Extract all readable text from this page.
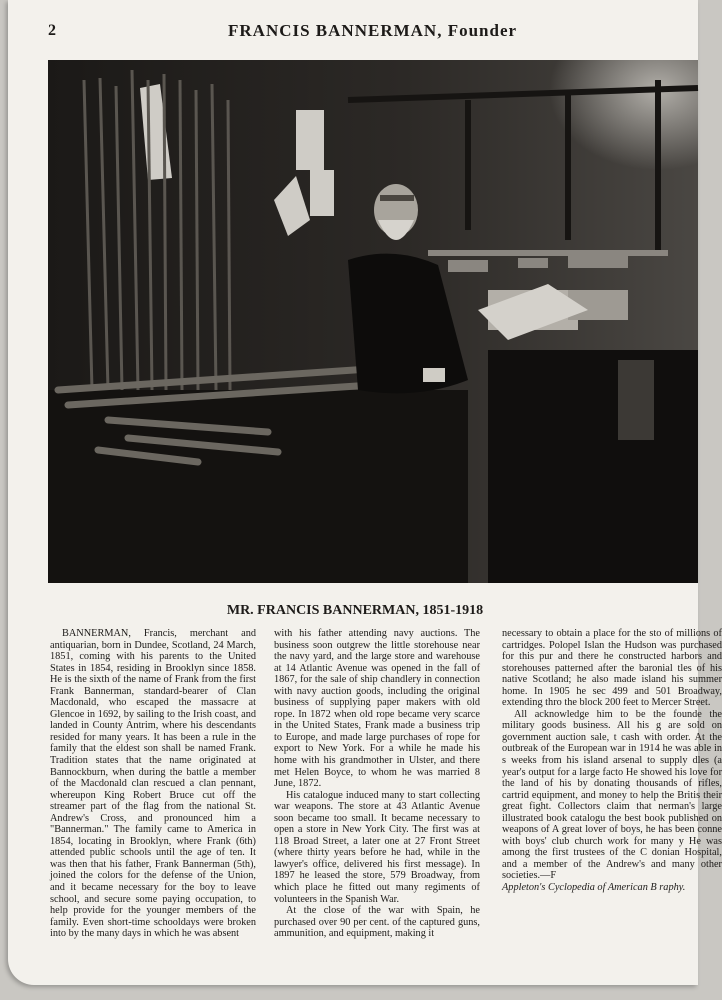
2	FRANCIS BANNERMAN, Founder
MR. FRANCIS BANNERMAN, 1851-1918

BANNERMAN, Francis, merchant and antiquarian, born in Dundee, Scotland, 24 March, 1851, coming with his parents to the United States in 1854, residing in Brooklyn since 1858. He is the sixth of the name of Frank from the first Frank Bannerman, standard-bearer of Clan Macdonald, who escaped the massacre at Glencoe in 1692, by sailing to the Irish coast, and landed in County Antrim, where his descendants resided for many years. It has been a rule in the family that the eldest son shall be named Frank. Tradition states that the name originated at Bannockburn, when during the battle a member of the Macdonald clan rescued a clan pennant, whereupon King Robert Bruce cut off the streamer part of the flag from the national St. Andrew's Cross, and pronounced him a "Bannerman." The family came to America in 1854, locating in Brooklyn, where Frank (6th) attended public schools until the age of ten. It was then that his father, Frank Bannerman (5th), joined the colors for the defense of the Union, and it became necessary for the boy to leave school, and secure some paying occupation, to help provide for the younger members of the family. Even short-time schooldays were broken into by the many days in which he was absent

with his father attending navy auctions. The business soon outgrew the little storehouse near the navy yard, and the large store and warehouse at 14 Atlantic Avenue was opened in the fall of 1867, for the sale of ship chandlery in connection with navy auction goods, including the original business of supplying paper makers with old rope. In 1872 when old rope became very scarce in the United States, Frank made a business trip to Europe, and made large purchases of rope for export to New York. For a while he made his home with his grandmother in Ulster, and there met Helen Boyce, to whom he was married 8 June, 1872.

His catalogue induced many to start collecting war weapons. The store at 43 Atlantic Avenue soon became too small. It became necessary to open a store in New York City. The first was at 118 Broad Street, a later one at 27 Front Street (where thirty years before he had, while in the lawyer's office, delivered his first message). In 1897 he leased the store, 579 Broadway, from which place he fitted out many regiments of volunteers in the Spanish War.

At the close of the war with Spain, he purchased over 90 per cent. of the captured guns, ammunition, and equipment, making it

necessary to obtain a place for the sto of millions of cartridges. Polopel Islan the Hudson was purchased for this pur and there he constructed harbors and storehouses patterned after the baronial tles of his native Scotland; he also made island his summer home. In 1905 he sec 499 and 501 Broadway, extending thro the block 200 feet to Mercer Street.

All acknowledge him to be the founde the military goods business. All his g are sold on government auction sale, t cash with order. At the outbreak of the European war in 1914 he was able in s weeks from his island arsenal to supply dles (a year's output for a large facto He showed his love for the land of his by donating thousands of rifles, cartrid equipment, and money to help the Britis their great fight. Collectors claim that nerman's large illustrated book catalogu the best book published on weapons of A great lover of boys, he has been conne with boys' club church work for many y He was among the first trustees of the C donian Hospital, and a member of the Andrew's and many other societies.—F

Appleton's Cyclopedia of American B raphy.
